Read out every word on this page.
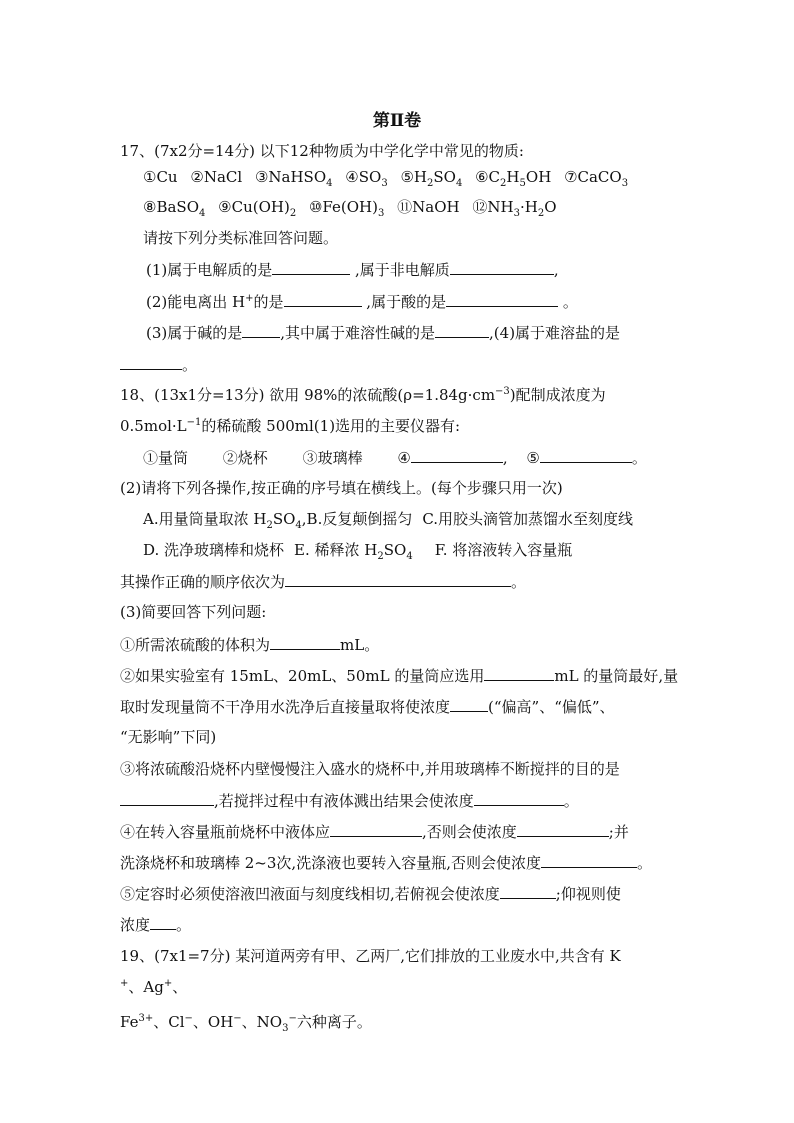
第Ⅱ卷
17、(7x2分=14分) 以下12种物质为中学化学中常见的物质:
①Cu ②NaCl ③NaHSO$_4$ $④SO_3$ $⑤H_2SO_4$ $⑥C_2H_5OH$ ⑦CaCO$_3$
⑧BaSO$_4$ $⑨Cu(OH)_2$ $⑩Fe(OH)_3$ ⑪NaOH $⑫NH_3\cdot H_2O$
请按下列分类标准回答问题。
(1)属于电解质的是	,属于非电解质	,
(2)能电离出 H+的是	,属于酸的是	。
(3)属于碱的是	,其中属于难溶性碱的是	,(4)属于难溶盐的是
。
18、(13x1分=13分) 欲用 98%的浓硫酸$(\rho=1.84g\cdot cm^{-3})$配制成浓度为
$0.5mol\cdot L^{-1}$的稀硫酸 500ml(1)选用的主要仪器有:
①量筒 ②烧杯 ③玻璃棒 ④	, ⑤	。
(2)请将下列各操作,按正确的序号填在横线上。(每个步骤只用一次)
A.用量筒量取浓 $H_2SO_4,B$.反复颠倒摇匀 C.用胶头滴管加蒸馏水至刻度线
D. 洗净玻璃棒和烧杯 E. 稀释浓 $H_2SO_4$ F. 将溶液转入容量瓶
其操作正确的顺序依次为	。
(3)简要回答下列问题:
①所需浓硫酸的体积为	mL。
②如果实验室有 15mL、20mL、50mL 的量筒应选用	mL 的量筒最好,量
取时发现量筒不干净用水洗净后直接量取将使浓度	(“偏高”、“偏低”、
“无影响”下同)
③将浓硫酸沿烧杯内壁慢慢注入盛水的烧杯中,并用玻璃棒不断搅拌的目的是
,若搅拌过程中有液体溅出结果会使浓度	。
④在转入容量瓶前烧杯中液体应	,否则会使浓度	;并
洗涤烧杯和玻璃棒 2~3次,洗涤液也要转入容量瓶,否则会使浓度	。
⑤定容时必须使溶液凹液面与刻度线相切,若俯视会使浓度	;仰视则使
浓度 。
19、(7x1=7分) 某河道两旁有甲、乙两厂,它们排放的工业废水中,共含有 K
+、Ag+、
$Fe^{3+}$、Cl−、OH−、$NO_3^-$六种离子。
